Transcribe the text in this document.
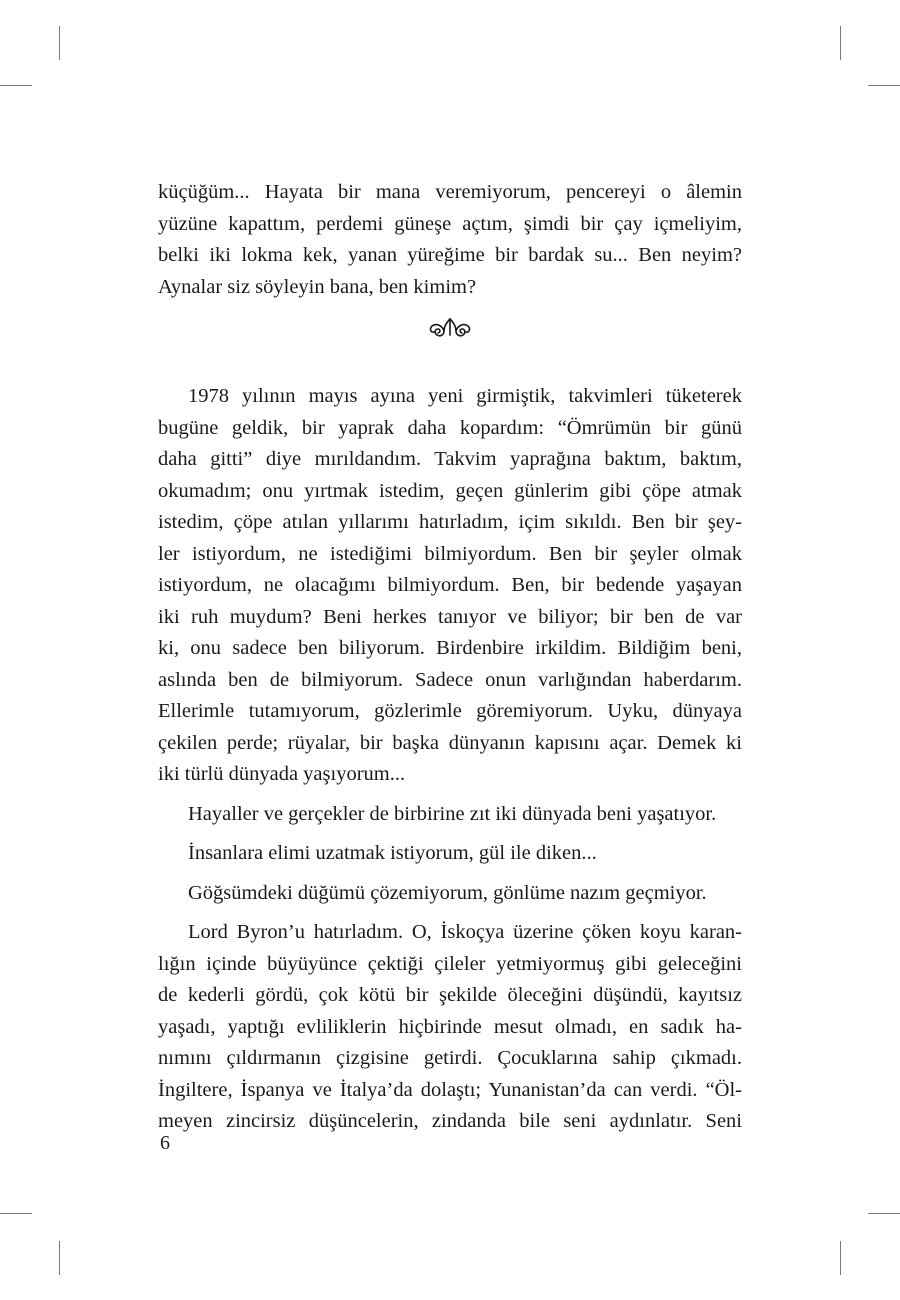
küçüğüm... Hayata bir mana veremiyorum, pencereyi o âlemin
yüzüne kapattım, perdemi güneşe açtım, şimdi bir çay içmeliyim,
belki iki lokma kek, yanan yüreğime bir bardak su... Ben neyim?
Aynalar siz söyleyin bana, ben kimim?

1978 yılının mayıs ayına yeni girmiştik, takvimleri tüketerek
bugüne geldik, bir yaprak daha kopardım: “Ömrümün bir günü
daha gitti” diye mırıldandım. Takvim yaprağına baktım, baktım,
okumadım; onu yırtmak istedim, geçen günlerim gibi çöpe atmak
istedim, çöpe atılan yıllarımı hatırladım, içim sıkıldı. Ben bir şey-
ler istiyordum, ne istediğimi bilmiyordum. Ben bir şeyler olmak
istiyordum, ne olacağımı bilmiyordum. Ben, bir bedende yaşayan
iki ruh muydum? Beni herkes tanıyor ve biliyor; bir ben de var
ki, onu sadece ben biliyorum. Birdenbire irkildim. Bildiğim beni,
aslında ben de bilmiyorum. Sadece onun varlığından haberdarım.
Ellerimle tutamıyorum, gözlerimle göremiyorum. Uyku, dünyaya
çekilen perde; rüyalar, bir başka dünyanın kapısını açar. Demek ki
iki türlü dünyada yaşıyorum...

Hayaller ve gerçekler de birbirine zıt iki dünyada beni yaşatıyor.

İnsanlara elimi uzatmak istiyorum, gül ile diken...

Göğsümdeki düğümü çözemiyorum, gönlüme nazım geçmiyor.

Lord Byron’u hatırladım. O, İskoçya üzerine çöken koyu karan-
lığın içinde büyüyünce çektiği çileler yetmiyormuş gibi geleceğini
de kederli gördü, çok kötü bir şekilde öleceğini düşündü, kayıtsız
yaşadı, yaptığı evliliklerin hiçbirinde mesut olmadı, en sadık ha-
nımını çıldırmanın çizgisine getirdi. Çocuklarına sahip çıkmadı.
İngiltere, İspanya ve İtalya’da dolaştı; Yunanistan’da can verdi. “Öl-
meyen zincirsiz düşüncelerin, zindanda bile seni aydınlatır. Seni

6
